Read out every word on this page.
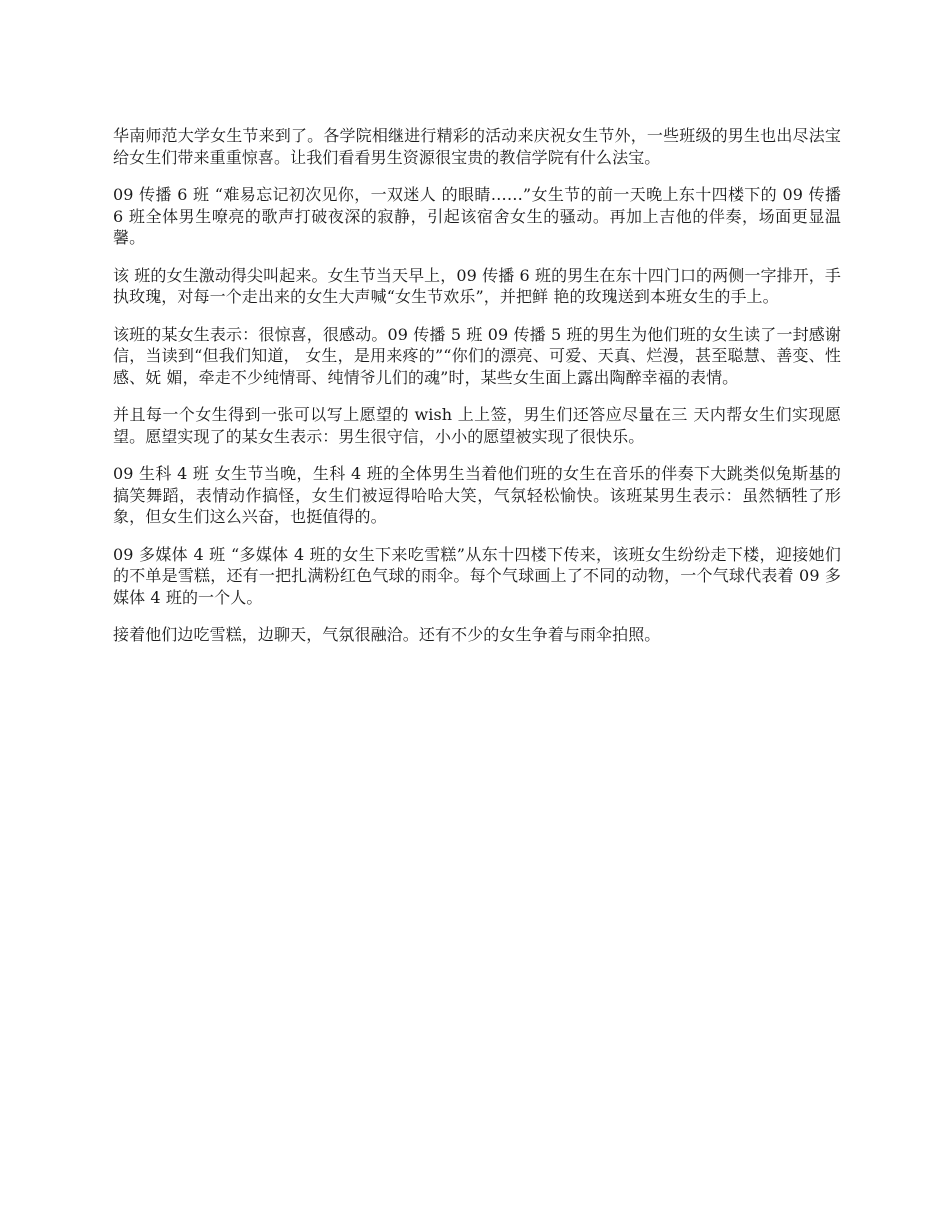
华南师范大学女生节来到了。各学院相继进行精彩的活动来庆祝女生节外，一些班级的男生也出尽法宝给女生们带来重重惊喜。让我们看看男生资源很宝贵的教信学院有什么法宝。

09 传播 6 班 “难易忘记初次见你，一双迷人 的眼睛……”女生节的前一天晚上东十四楼下的 09 传播 6 班全体男生嘹亮的歌声打破夜深的寂静，引起该宿舍女生的骚动。再加上吉他的伴奏，场面更显温馨。

该 班的女生激动得尖叫起来。女生节当天早上，09 传播 6 班的男生在东十四门口的两侧一字排开，手执玫瑰，对每一个走出来的女生大声喊“女生节欢乐”，并把鲜 艳的玫瑰送到本班女生的手上。

该班的某女生表示：很惊喜，很感动。09 传播 5 班 09 传播 5 班的男生为他们班的女生读了一封感谢信，当读到“但我们知道， 女生，是用来疼的”“你们的漂亮、可爱、天真、烂漫，甚至聪慧、善变、性感、妩 媚，牵走不少纯情哥、纯情爷儿们的魂”时，某些女生面上露出陶醉幸福的表情。

并且每一个女生得到一张可以写上愿望的 wish 上上签，男生们还答应尽量在三 天内帮女生们实现愿望。愿望实现了的某女生表示：男生很守信，小小的愿望被实现了很快乐。

09 生科 4 班 女生节当晚，生科 4 班的全体男生当着他们班的女生在音乐的伴奏下大跳类似兔斯基的搞笑舞蹈，表情动作搞怪，女生们被逗得哈哈大笑，气氛轻松愉快。该班某男生表示：虽然牺牲了形象，但女生们这么兴奋，也挺值得的。

09 多媒体 4 班 “多媒体 4 班的女生下来吃雪糕”从东十四楼下传来，该班女生纷纷走下楼，迎接她们的不单是雪糕，还有一把扎满粉红色气球的雨伞。每个气球画上了不同的动物，一个气球代表着 09 多媒体 4 班的一个人。

接着他们边吃雪糕，边聊天，气氛很融洽。还有不少的女生争着与雨伞拍照。
